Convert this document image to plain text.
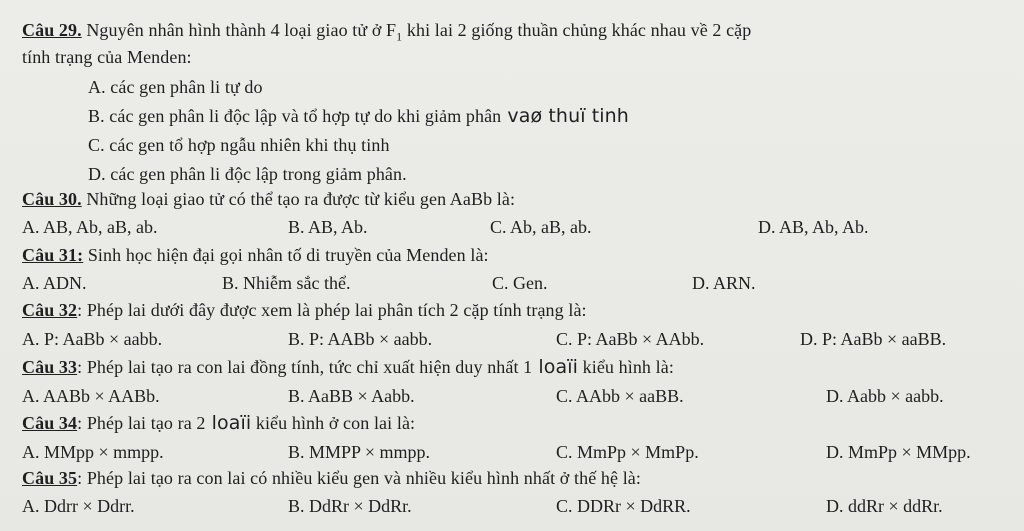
Câu 29. Nguyên nhân hình thành 4 loại giao tử ở $F_1$ khi lai 2 giống thuần chủng khác nhau về 2 cặp
tính trạng của Menden:
A. các gen phân li tự do
B. các gen phân li độc lập và tổ hợp tự do khi giảm phân vaø thuï tinh
C. các gen tổ hợp ngẫu nhiên khi thụ tinh
D. các gen phân li độc lập trong giảm phân.
Câu 30. Những loại giao tử có thể tạo ra được từ kiểu gen AaBb là:
A. AB, Ab, aB, ab.	B. AB, Ab.	C. Ab, aB, ab.	D. AB, Ab, Ab.
Câu 31: Sinh học hiện đại gọi nhân tố di truyền của Menden là:
A. ADN.	B. Nhiễm sắc thể.	C. Gen.	D. ARN.
Câu 32: Phép lai dưới đây được xem là phép lai phân tích 2 cặp tính trạng là:
A. P: AaBb × aabb.	B. P: AABb × aabb.	C. P: AaBb × AAbb.	D. P: AaBb × aaBB.
Câu 33: Phép lai tạo ra con lai đồng tính, tức chỉ xuất hiện duy nhất 1 loaïi kiểu hình là:
A. AABb × AABb.	B. AaBB × Aabb.	C. AAbb × aaBB.	D. Aabb × aabb.
Câu 34: Phép lai tạo ra 2 loaïi kiểu hình ở con lai là:
A. MMpp × mmpp.	B. MMPP × mmpp.	C. MmPp × MmPp.	D. MmPp × MMpp.
Câu 35: Phép lai tạo ra con lai có nhiều kiểu gen và nhiều kiểu hình nhất ở thế hệ là:
A. Ddrr × Ddrr.	B. DdRr × DdRr.	C. DDRr × DdRR.	D. ddRr × ddRr.
